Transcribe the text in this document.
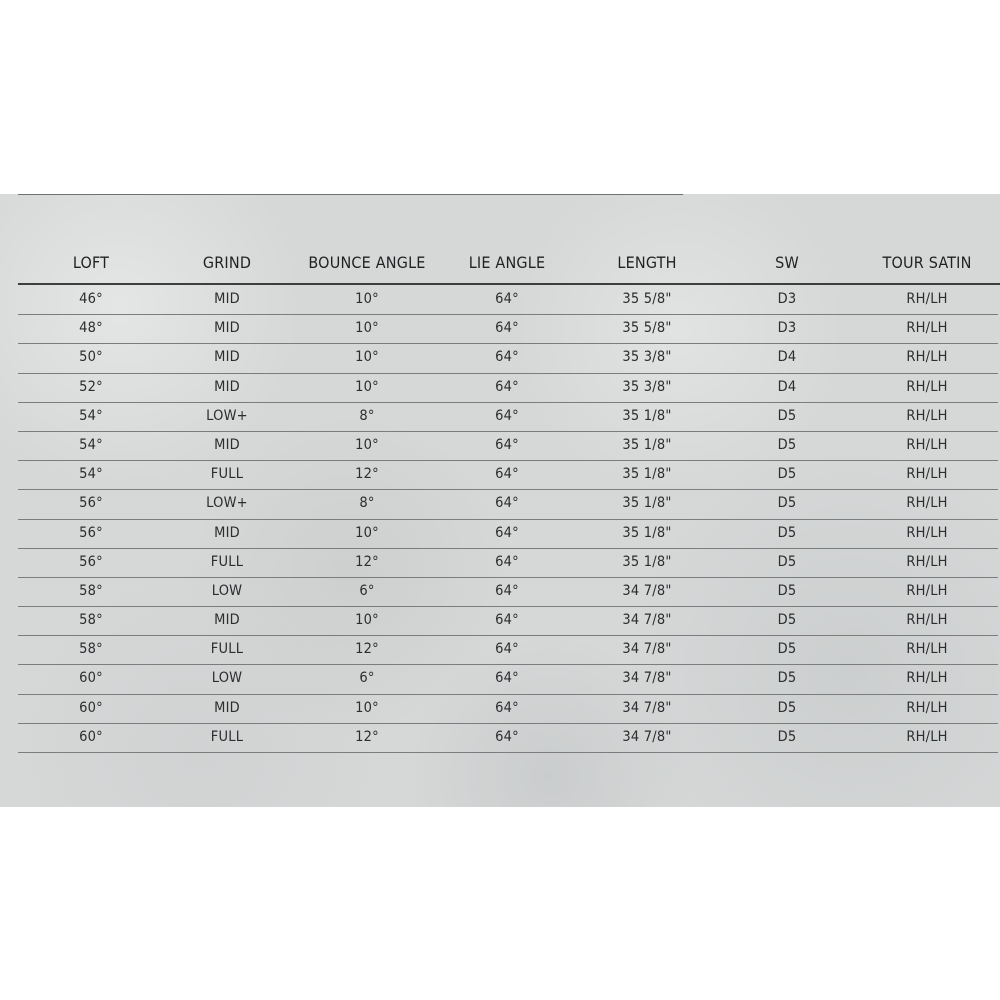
LOFT	GRIND	BOUNCE ANGLE	LIE ANGLE	LENGTH	SW	TOUR SATIN
46°	MID	10°	64°	35 5/8"	D3	RH/LH
48°	MID	10°	64°	35 5/8"	D3	RH/LH
50°	MID	10°	64°	35 3/8"	D4	RH/LH
52°	MID	10°	64°	35 3/8"	D4	RH/LH
54°	LOW+	8°	64°	35 1/8"	D5	RH/LH
54°	MID	10°	64°	35 1/8"	D5	RH/LH
54°	FULL	12°	64°	35 1/8"	D5	RH/LH
56°	LOW+	8°	64°	35 1/8"	D5	RH/LH
56°	MID	10°	64°	35 1/8"	D5	RH/LH
56°	FULL	12°	64°	35 1/8"	D5	RH/LH
58°	LOW	6°	64°	34 7/8"	D5	RH/LH
58°	MID	10°	64°	34 7/8"	D5	RH/LH
58°	FULL	12°	64°	34 7/8"	D5	RH/LH
60°	LOW	6°	64°	34 7/8"	D5	RH/LH
60°	MID	10°	64°	34 7/8"	D5	RH/LH
60°	FULL	12°	64°	34 7/8"	D5	RH/LH
